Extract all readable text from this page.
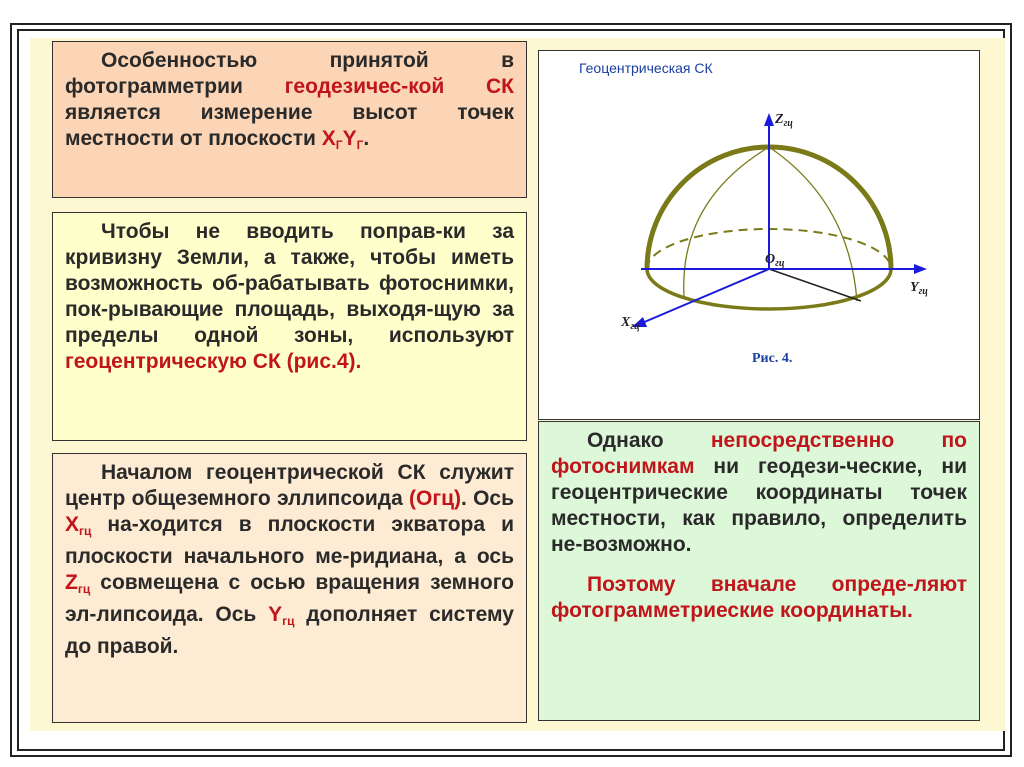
Особенностью принятой в фотограмметрии геодезичес-кой СК является измерение высот точек местности от плоскости $X_ГY_Г$.

Чтобы не вводить поправ-ки за кривизну Земли, а также, чтобы иметь возможность об-рабатывать фотоснимки, пок-рывающие площадь, выходя-щую за пределы одной зоны, используют геоцентрическую СК (рис.4).

Началом геоцентрической СК служит центр общеземного эллипсоида (Огц). Ось $X_{гц}$ на-ходится в плоскости экватора и плоскости начального ме-ридиана, а ось $Z_{гц}$ совмещена с осью вращения земного эл-липсоида. Ось $Y_{гц}$ дополняет систему до правой.

Геоцентрическая СК
$Z_{гц}$
$O_{гц}$
$Y_{гц}$
$X_{гц}$
Рис. 4.

Однако непосредственно по фотоснимкам ни геодези-ческие, ни геоцентрические координаты точек местности, как правило, определить не-возможно.

Поэтому вначале опреде-ляют фотограмметриеские координаты.
